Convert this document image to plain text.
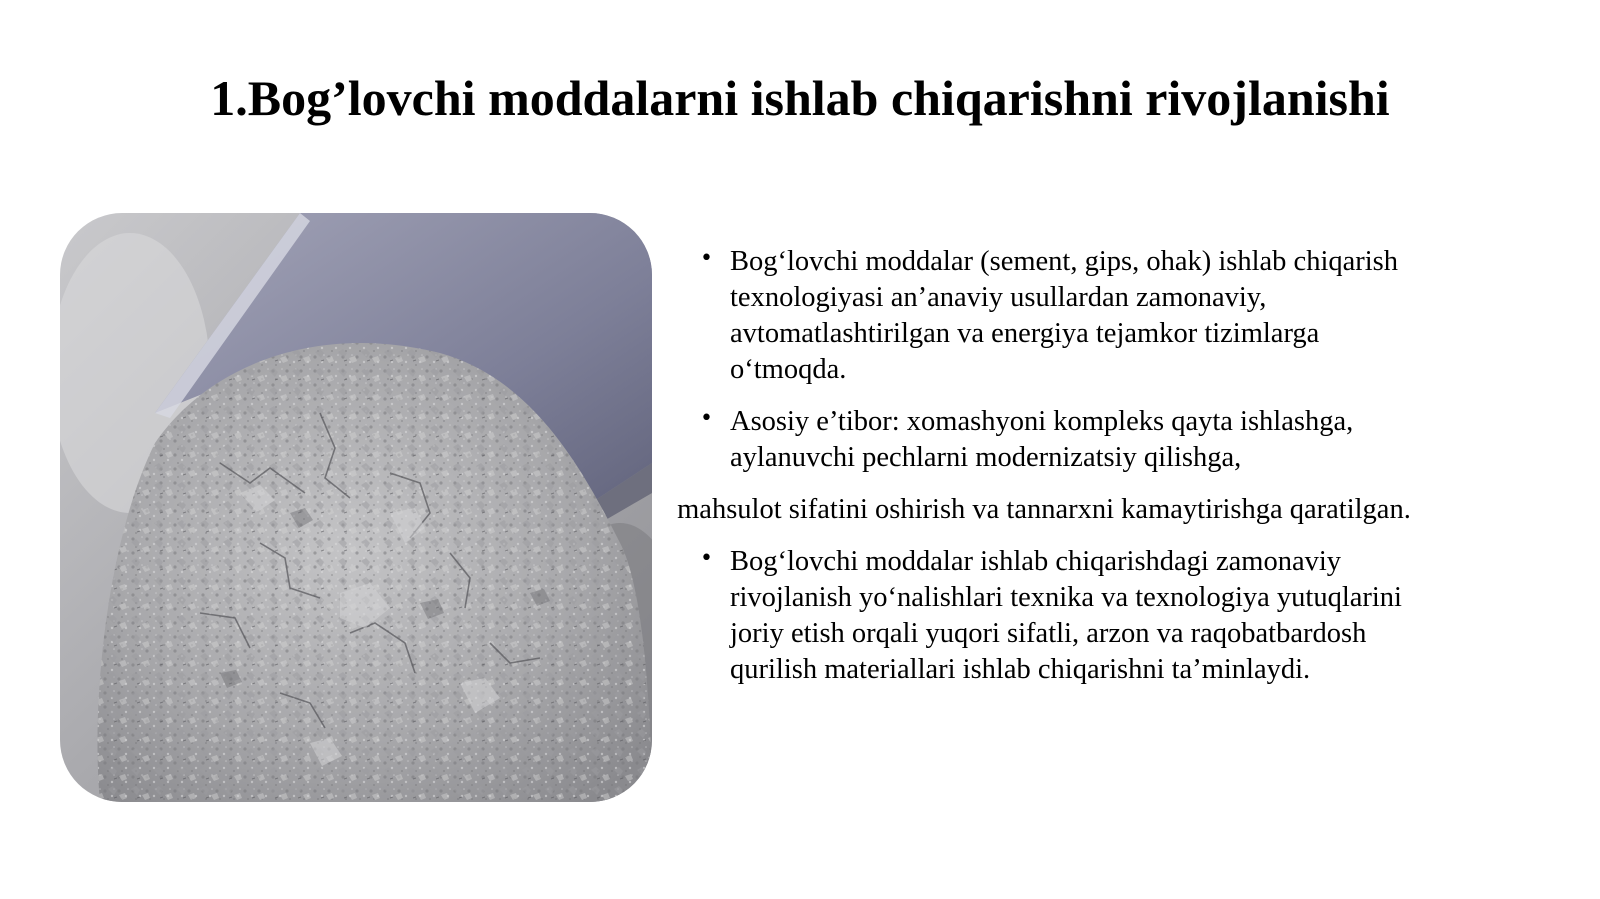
1.Bog’lovchi moddalarni ishlab chiqarishni rivojlanishi
• Bog‘lovchi moddalar (sement, gips, ohak) ishlab chiqarish texnologiyasi an’anaviy usullardan zamonaviy, avtomatlashtirilgan va energiya tejamkor tizimlarga o‘tmoqda.
• Asosiy e’tibor: xomashyoni kompleks qayta ishlashga, aylanuvchi pechlarni modernizatsiy qilishga,
mahsulot sifatini oshirish va tannarxni kamaytirishga qaratilgan.
• Bog‘lovchi moddalar ishlab chiqarishdagi zamonaviy rivojlanish yo‘nalishlari texnika va texnologiya yutuqlarini joriy etish orqali yuqori sifatli, arzon va raqobatbardosh qurilish materiallari ishlab chiqarishni ta’minlaydi.
